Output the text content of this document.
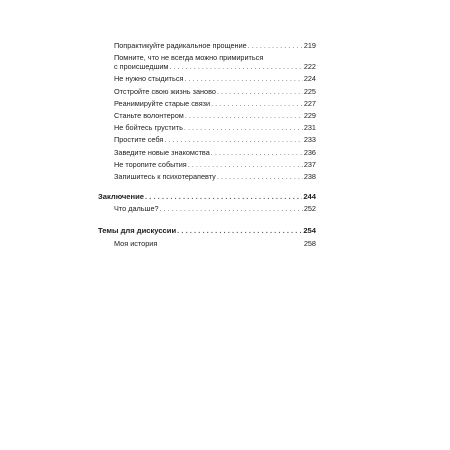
Попрактикуйте радикальное прощение . . .	219
Помните, что не всегда можно примириться
с происшедшим . . .	222
Не нужно стыдиться . . .	224
Отстройте свою жизнь заново . . .	225
Реанимируйте старые связи . . .	227
Станьте волонтером . . .	229
Не бойтесь грустить . . .	231
Простите себя . . .	233
Заведите новые знакомства . . .	236
Не торопите события . . .	237
Запишитесь к психотерапевту . . .	238
Заключение . . .	244
Что дальше? . . .	252
Темы для дискуссии . . .	254
Моя история	258
